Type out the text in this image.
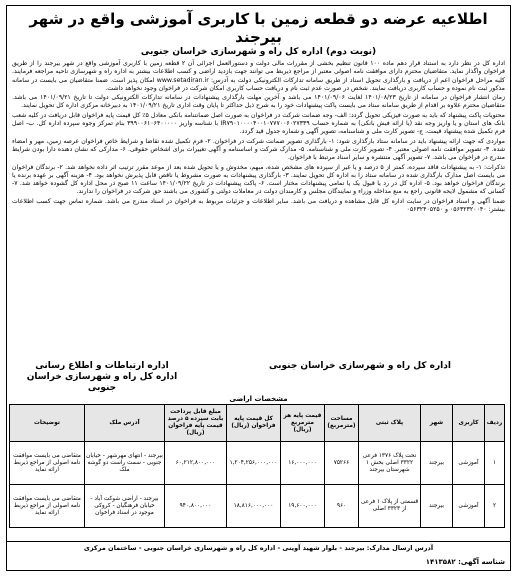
اطلاعیه عرضه دو قطعه زمین با کاربری آموزشی واقع در شهر بیرجند
(نوبت دوم) اداره کل راه و شهرسازی خراسان جنوبی

اداره کل در نظر دارد به استناد قرار دهم ماده ۱۰۰ قانون تنظیم بخشی از مقررات مالی دولت و دستورالعمل اجرائی آن ۲ قطعه زمین با کاربری آموزشی واقع در شهر بیرجند را از طریق فراخوان واگذار نماید. متقاضیان محترم دارای موافقت نامه اصولی معتبر از مراجع ذیربط می توانند جهت بازدید اراضی و کسب اطلاعات بیشتر به اداره راه و شهرسازی ناحیه مراجعه فرمایند. کلیه مراحل فراخوان اعم از دریافت و بارگذاری تحویل اسناد از طریق سامانه تدارکات الکترونیکی دولت به آدرس: www.setadiran.ir امکان پذیر است. ضمنا متقاضیان می بایست در سامانه مذکور ثبت نام نموده و حساب کاربری دریافت نمایند. شخص در صورت عدم ثبت نام و دریافت حساب کاربری امکان شرکت در فراخوان وجود نخواهد داشت.

زمان انتشار فراخوان در سامانه از تاریخ ۱۴۰۱/۰۸/۲۳ لغایت ۱۴۰۱/۰۹/۰۶ می باشد و آخرین مهلت بارگذاری پیشنهادات در سامانه تدارکات الکترونیکی دولت تا تاریخ ۱۴۰۱/۰۹/۲۱ می باشد. متقاضیان محترم علاوه بر اقدام از طریق سامانه ستاد می بایست پاکت پیشنهادات خود را به شرح ذیل حداکثر تا پایان وقت اداری تاریخ ۱۴۰۱/۰۹/۲۱ به دبیرخانه مرکزی اداره کل تحویل نمایند.

محتویات پاکت پیشنهاد که باید به صورت فیزیکی تحویل گردد: الف- وجه ضمانت شرکت در فراخوان به صورت اصل ضمانتنامه بانکی معادل ۵٪ کل قیمت پایه فراخوان قابل دریافت در کلیه شعب بانک های استان و یا واریز وجه نقد (یا ارائه فیش بانکی) به شماره حساب IR۷۹۰۱۰۰۰۰۴۰۰۱۰۷۷۷۰۰۶۰۲۷۳۳۹ با شناسه واریز ۳۹۹۰۰۶۱۰۶۴۰۰۰۰۰ بنام تمرکز وجوه سپرده اداره کل. ب- اصل فرم تکمیل شده پیشنهاد قیمت. ج- تصویر کارت ملی و شناسنامه، تصویر آگهی و شماره جدول قید گردد.

مواردی که جهت ارائه پیشنهاد باید در سامانه ستاد بارگذاری شود: ۱- بارگذاری تصویر ضمانت شرکت در فراخوان. ۲- فرم تکمیل شده تقاضا و شرایط خاص فراخوان عرصه زمین، مهر و امضاء شده. ۳- تصویر موافقت نامه اصولی معتبر. ۴- تصویر کارت ملی و شناسنامه. ۵- مدارک شرکت و اساسنامه و آگهی تغییرات برای اشخاص حقوقی. ۶- مدارکی که نشان دهنده دارا بودن شرایط مندرج در فراخوان می باشد. ۷- تصویر آگهی منتشره و سایر اسناد مرتبط با فراخوان.

تذکرات: ۱- به پیشنهادات فاقد سپرده، کمتر از ۵ درصد و یا غیر از سپرده های مشخص شده، مبهم، مخدوش و یا تحویل شده بعد از موعد مقرر ترتیب اثر داده نخواهد شد. ۲- برندگان فراخوان می بایست اصل مدارک بارگذاری شده در سامانه ستاد را به اداره کل تحویل نمایند. ۳- بارگذاری پیشنهادات به صورت مشروط یا ناقص قابل پذیرش نخواهد بود. ۴- هزینه آگهی بر عهده برنده یا برندگان فراخوان خواهد بود. ۵- اداره کل در رد یا قبول یک یا تمامی پیشنهادات مختار است. ۶- پاکت پیشنهادات در تاریخ ۱۴۰۱/۰۹/۲۲ ساعت ۱۱ صبح در محل اداره کل گشوده خواهد شد. ۷- کسانی که مشمول لایحه قانونی راجع به منع مداخله وزراء و نمایندگان مجلس و کارمندان دولت در معاملات دولتی و کشوری می باشند حق شرکت در فراخوان را ندارند.

ضمنا آگهی و اسناد فراخوان در سایت اداره کل قابل مشاهده و دریافت می باشد. سایر اطلاعات و جزئیات مربوط به فراخوان در اسناد مندرج می باشد. شماره تماس جهت کسب اطلاعات بیشتر: ۰۵۶۳۲۳۲۰۰۴۰ و ۰۵۶۳۲۴۰۵۲۵۰

اداره کل راه و شهرسازی خراسان جنوبی
اداره ارتباطات و اطلاع رسانی
اداره کل راه و شهرسازی خراسان جنوبی
مشخصات اراضی
ردیف	کاربری	شهر	پلاک ثبتی	مساحت (مترمربع)	قیمت پایه هر مترمربع (ریال)	کل قیمت پایه فراخوان (ریال)	مبلغ قابل پرداخت بابت سپرده ۵ درصد قیمت پایه فراخوان (ریال)	آدرس ملک	توضیحات
۱	آموزشی	بیرجند	تحت پلاک ۱۳۷۶ فرعی ۳۳۲۲ اصلی بخش ۱ شهرستان بیرجند	۷۵۲۶۶	۱۶,۰۰۰,۰۰۰	۱,۲۰۴,۲۵۶,۰۰۰,۰۰۰	۶۰,۲۱۲,۸۰۰,۰۰۰	بیرجند - انتهای مهرشهر - خیابان جنوبی - سمت راست دو گوشه ملک	متقاضی می بایست موافقت نامه اصولی از مراجع ذیربط ارائه نماید
۲	آموزشی	بیرجند	قسمتی از پلاک ۱ فرعی از ۳۳۲۳ اصلی	۹۶۰	۱۹,۶۰۰,۰۰۰	۱۸,۸۱۶,۰۰۰,۰۰۰	۹۴۰,۸۰۰,۰۰۰	بیرجند - اراضی شوکت آباد - خیابان فرهنگیان - کروکی موجود در اسناد فراخوان	متقاضی می بایست موافقت نامه اصولی از مراجع ذیربط ارائه نماید
آدرس ارسال مدارک: بیرجند - بلوار شهید آوینی - اداره کل راه و شهرسازی خراسان جنوبی - ساختمان مرکزی
شناسه آگهی: ۱۴۱۳۵۸۲
